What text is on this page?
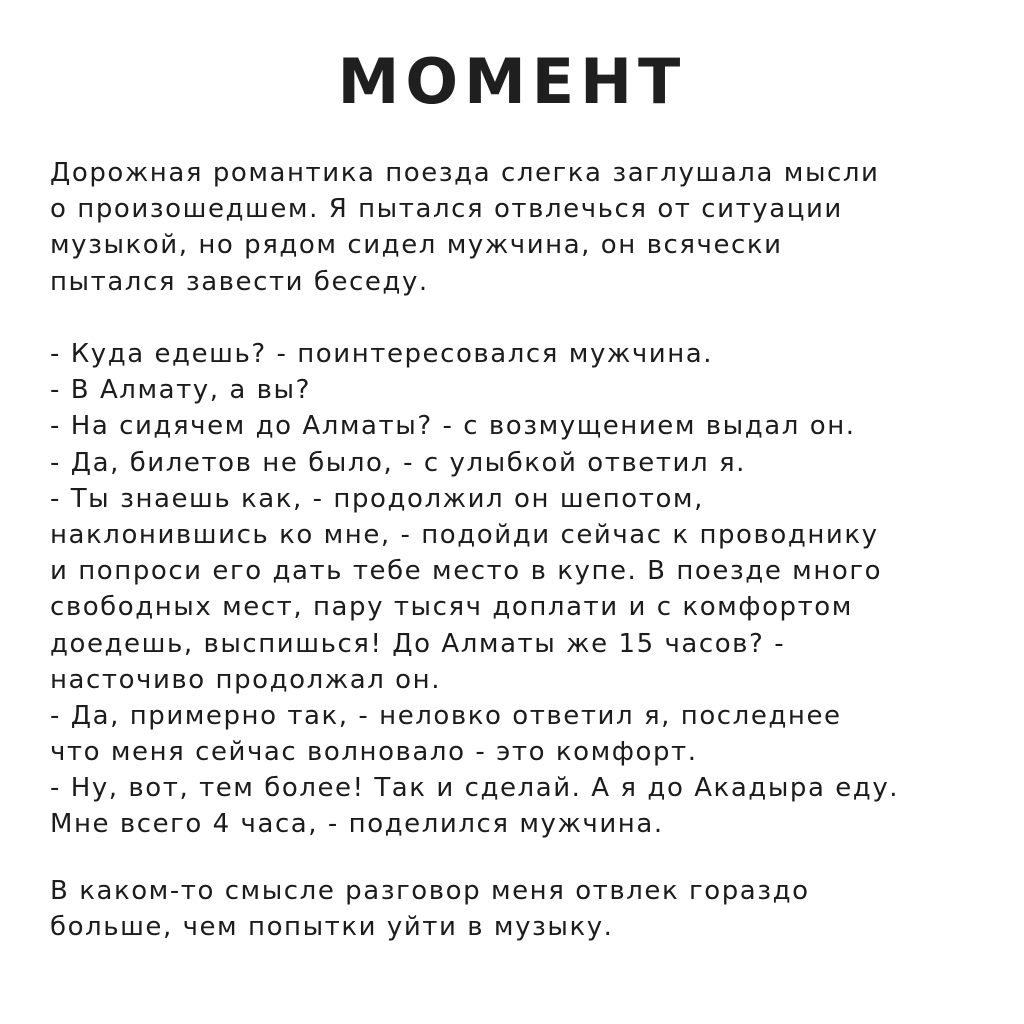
МОМЕНТ
Дорожная романтика поезда слегка заглушала мысли
о произошедшем. Я пытался отвлечься от ситуации
музыкой, но рядом сидел мужчина, он всячески
пытался завести беседу.
- Куда едешь? - поинтересовался мужчина.
- В Алмату, а вы?
- На сидячем до Алматы? - с возмущением выдал он.
- Да, билетов не было, - с улыбкой ответил я.
- Ты знаешь как, - продолжил он шепотом,
наклонившись ко мне, - подойди сейчас к проводнику
и попроси его дать тебе место в купе. В поезде много
свободных мест, пару тысяч доплати и с комфортом
доедешь, выспишься! До Алматы же 15 часов? -
насточиво продолжал он.
- Да, примерно так, - неловко ответил я, последнее
что меня сейчас волновало - это комфорт.
- Ну, вот, тем более! Так и сделай. А я до Акадыра еду.
Мне всего 4 часа, - поделился мужчина.
В каком-то смысле разговор меня отвлек гораздо
больше, чем попытки уйти в музыку.
